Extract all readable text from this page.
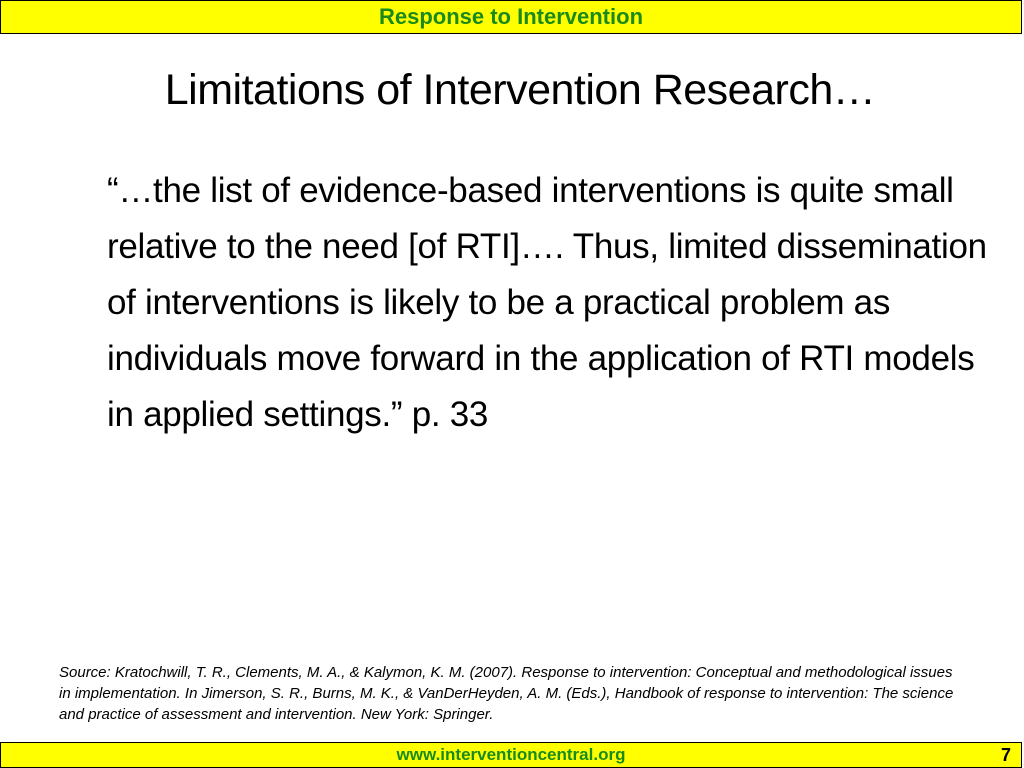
Response to Intervention
Limitations of Intervention Research…
“…the list of evidence-based interventions is quite small relative to the need [of RTI]…. Thus, limited dissemination of interventions is likely to be a practical problem as individuals move forward in the application of RTI models in applied settings.” p. 33
Source: Kratochwill, T. R., Clements, M. A., & Kalymon, K. M. (2007). Response to intervention: Conceptual and methodological issues in implementation. In Jimerson, S. R., Burns, M. K., & VanDerHeyden, A. M. (Eds.), Handbook of response to intervention: The science and practice of assessment and intervention. New York: Springer.
www.interventioncentral.org	7
